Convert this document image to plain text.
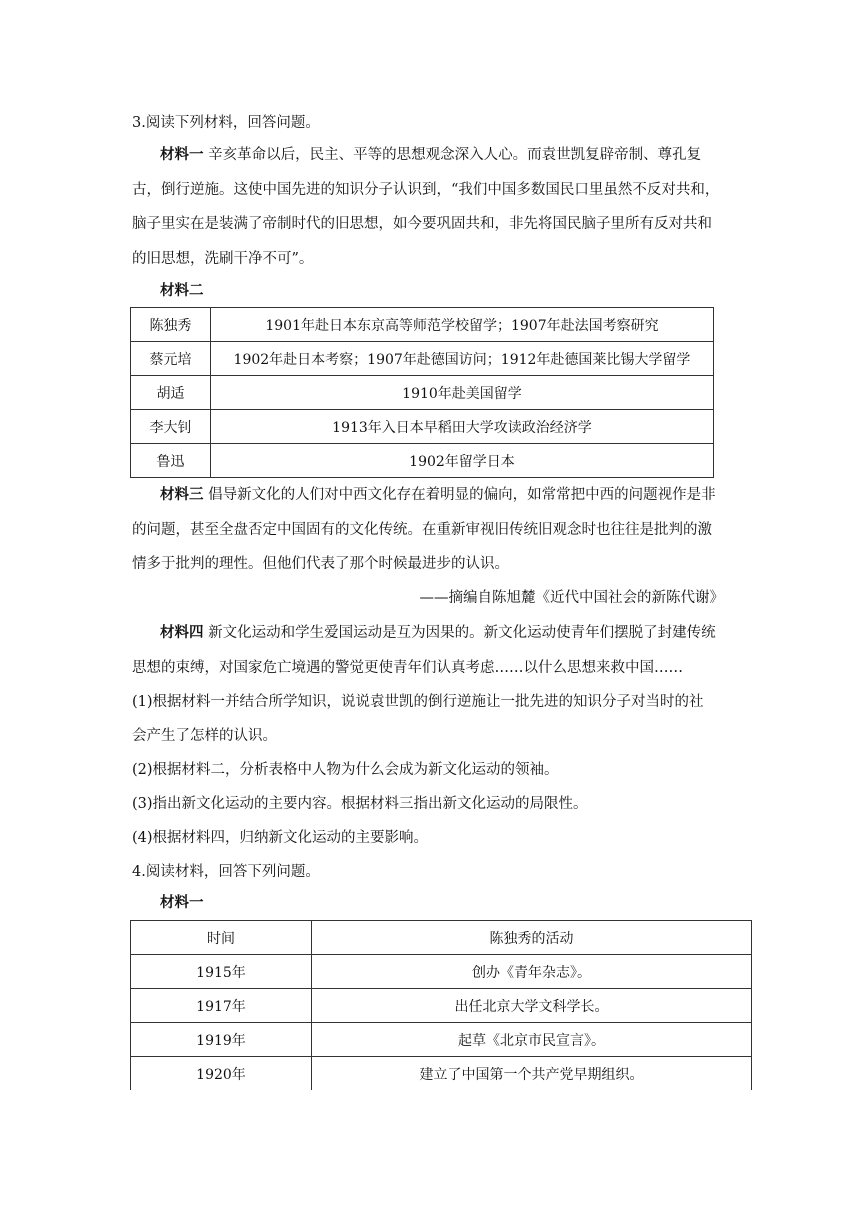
3.阅读下列材料，回答问题。
材料一 辛亥革命以后，民主、平等的思想观念深入人心。而袁世凯复辟帝制、尊孔复古，倒行逆施。这使中国先进的知识分子认识到，“我们中国多数国民口里虽然不反对共和，脑子里实在是装满了帝制时代的旧思想，如今要巩固共和，非先将国民脑子里所有反对共和的旧思想，洗刷干净不可”。
材料二
陈独秀	1901年赴日本东京高等师范学校留学；1907年赴法国考察研究
蔡元培	1902年赴日本考察；1907年赴德国访问；1912年赴德国莱比锡大学留学
胡适	1910年赴美国留学
李大钊	1913年入日本早稻田大学攻读政治经济学
鲁迅	1902年留学日本
材料三 倡导新文化的人们对中西文化存在着明显的偏向，如常常把中西的问题视作是非的问题，甚至全盘否定中国固有的文化传统。在重新审视旧传统旧观念时也往往是批判的激情多于批判的理性。但他们代表了那个时候最进步的认识。
——摘编自陈旭麓《近代中国社会的新陈代谢》
材料四 新文化运动和学生爱国运动是互为因果的。新文化运动使青年们摆脱了封建传统思想的束缚，对国家危亡境遇的警觉更使青年们认真考虑……以什么思想来救中国……
(1)根据材料一并结合所学知识，说说袁世凯的倒行逆施让一批先进的知识分子对当时的社
会产生了怎样的认识。
(2)根据材料二，分析表格中人物为什么会成为新文化运动的领袖。
(3)指出新文化运动的主要内容。根据材料三指出新文化运动的局限性。
(4)根据材料四，归纳新文化运动的主要影响。
4.阅读材料，回答下列问题。
材料一
时间	陈独秀的活动
1915年	创办《青年杂志》。
1917年	出任北京大学文科学长。
1919年	起草《北京市民宣言》。
1920年	建立了中国第一个共产党早期组织。
